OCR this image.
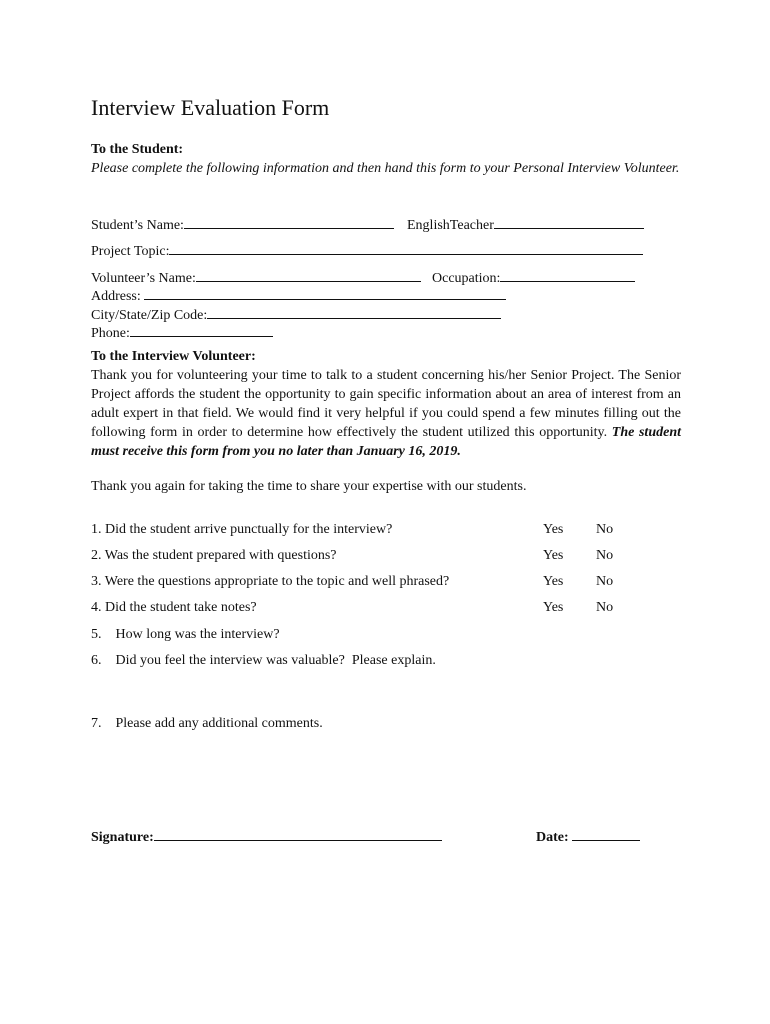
Interview Evaluation Form
To the Student:
Please complete the following information and then hand this form to your Personal Interview Volunteer.
Student’s Name:	EnglishTeacher
Project Topic:
Volunteer’s Name:	Occupation:
Address:
City/State/Zip Code:
Phone:
To the Interview Volunteer:
Thank you for volunteering your time to talk to a student concerning his/her Senior Project. The Senior Project affords the student the opportunity to gain specific information about an area of interest from an adult expert in that field. We would find it very helpful if you could spend a few minutes filling out the following form in order to determine how effectively the student utilized this opportunity. The student must receive this form from you no later than January 16, 2019.
Thank you again for taking the time to share your expertise with our students.
1. Did the student arrive punctually for the interview?	Yes No
2. Was the student prepared with questions?	Yes No
3. Were the questions appropriate to the topic and well phrased?	Yes No
4. Did the student take notes?	Yes No
5.    How long was the interview?
6.    Did you feel the interview was valuable?  Please explain.
7.    Please add any additional comments.
Signature:	Date:
